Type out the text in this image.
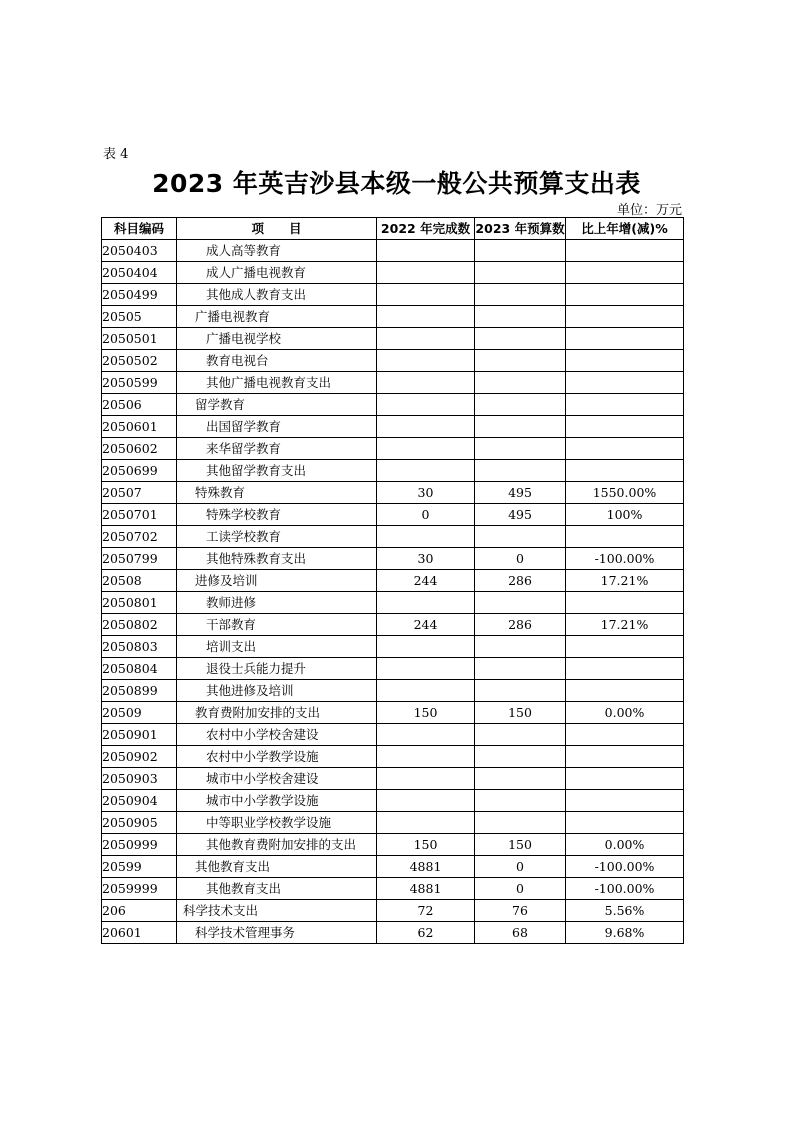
表 4
2023 年英吉沙县本级一般公共预算支出表
单位：万元
科目编码	项　　目	2022 年完成数	2023 年预算数	比上年增(减)%
2050403	成人高等教育			
2050404	成人广播电视教育			
2050499	其他成人教育支出			
20505	广播电视教育			
2050501	广播电视学校			
2050502	教育电视台			
2050599	其他广播电视教育支出			
20506	留学教育			
2050601	出国留学教育			
2050602	来华留学教育			
2050699	其他留学教育支出			
20507	特殊教育	30	495	1550.00%
2050701	特殊学校教育	0	495	100%
2050702	工读学校教育			
2050799	其他特殊教育支出	30	0	-100.00%
20508	进修及培训	244	286	17.21%
2050801	教师进修			
2050802	干部教育	244	286	17.21%
2050803	培训支出			
2050804	退役士兵能力提升			
2050899	其他进修及培训			
20509	教育费附加安排的支出	150	150	0.00%
2050901	农村中小学校舍建设			
2050902	农村中小学教学设施			
2050903	城市中小学校舍建设			
2050904	城市中小学教学设施			
2050905	中等职业学校教学设施			
2050999	其他教育费附加安排的支出	150	150	0.00%
20599	其他教育支出	4881	0	-100.00%
2059999	其他教育支出	4881	0	-100.00%
206	科学技术支出	72	76	5.56%
20601	科学技术管理事务	62	68	9.68%
